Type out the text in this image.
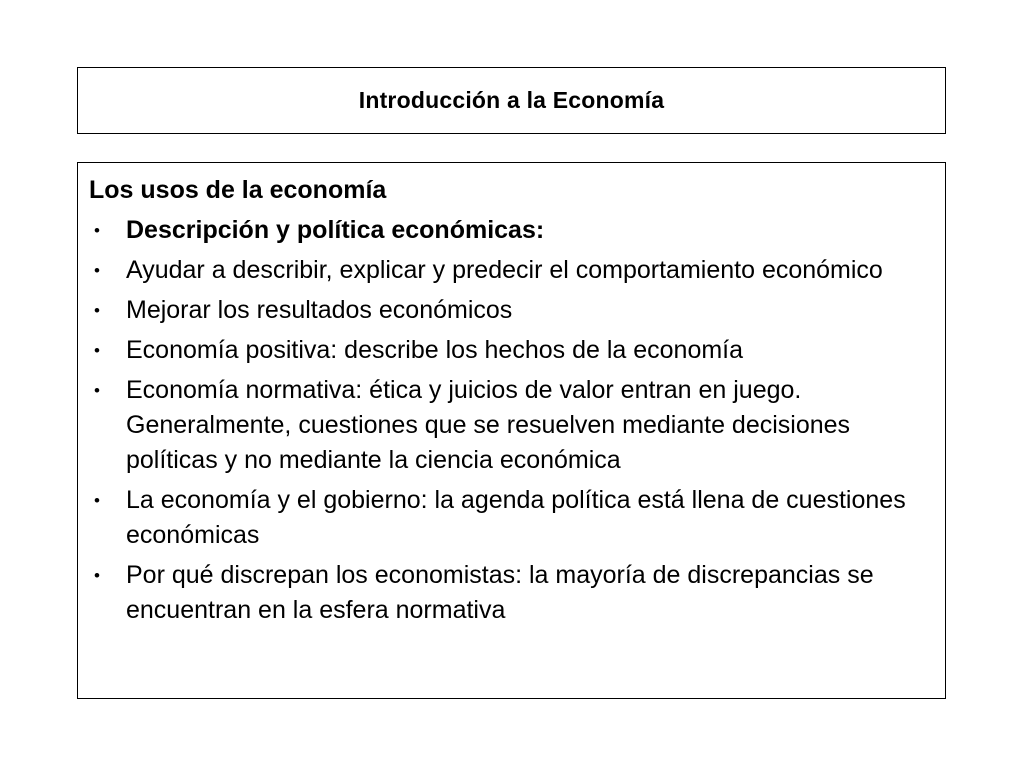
Introducción a la Economía
Los usos de la economía
• Descripción y política económicas:
• Ayudar a describir, explicar y predecir el comportamiento económico
• Mejorar los resultados económicos
• Economía positiva: describe los hechos de la economía
• Economía normativa: ética y juicios de valor entran en juego. Generalmente, cuestiones que se resuelven mediante decisiones políticas y no mediante la ciencia económica
• La economía y el gobierno: la agenda política está llena de cuestiones económicas
• Por qué discrepan los economistas: la mayoría de discrepancias se encuentran en la esfera normativa
